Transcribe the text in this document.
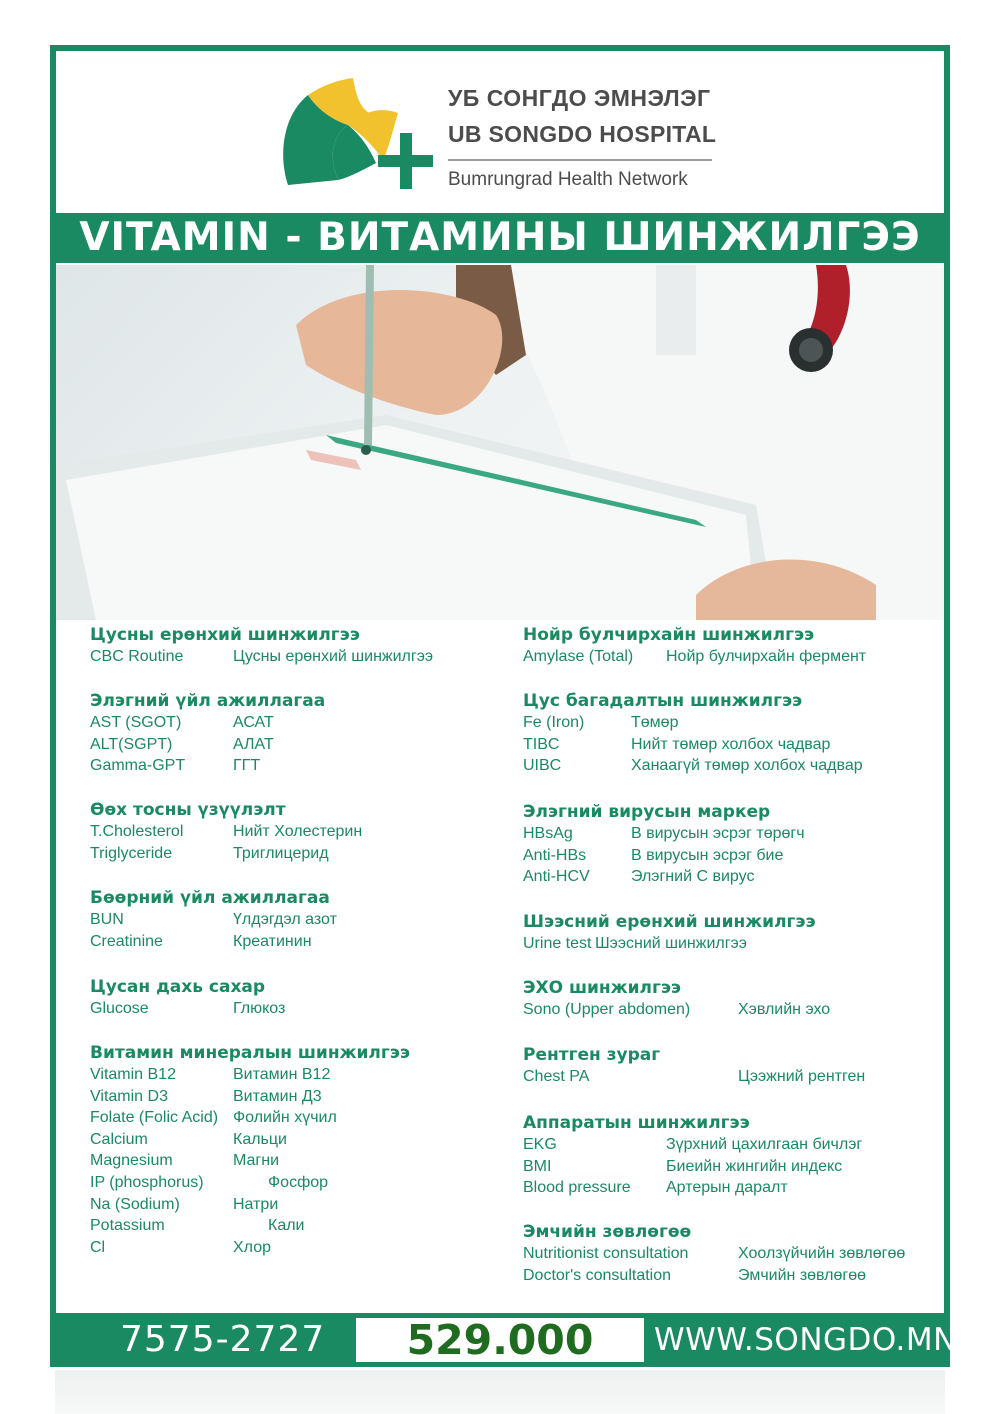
УБ СОНГДО ЭМНЭЛЭГ
UB SONGDO HOSPITAL
Bumrungrad Health Network
VITAMIN - ВИТАМИНЫ ШИНЖИЛГЭЭ
Цусны ерөнхий шинжилгээ
CBC Routine	Цусны ерөнхий шинжилгээ
Элэгний үйл ажиллагаа
AST (SGOT)	АСАТ
ALT(SGPT)	АЛАТ
Gamma-GPT	ГГТ
Өөх тосны үзүүлэлт
T.Cholesterol	Нийт Холестерин
Triglyceride	Триглицерид
Бөөрний үйл ажиллагаа
BUN	Үлдэгдэл азот
Creatinine	Креатинин
Цусан дахь сахар
Glucose	Глюкоз
Витамин минералын шинжилгээ
Vitamin B12	Витамин В12
Vitamin D3	Витамин Д3
Folate (Folic Acid) Фолийн хүчил
Calcium	Кальци
Magnesium	Магни
IP (phosphorus)	Фосфор
Na (Sodium)	Натри
Potassium	Кали
Cl	Хлор
Нойр булчирхайн шинжилгээ
Amylase (Total) Нойр булчирхайн фермент
Цус багадалтын шинжилгээ
Fe (Iron)	Төмөр
TIBC	Нийт төмөр холбох чадвар
UIBC	Ханаагүй төмөр холбох чадвар
Элэгний вирусын маркер
HBsAg	В вирусын эсрэг төрөгч
Anti-HBs	В вирусын эсрэг бие
Anti-HCV	Элэгний С вирус
Шээсний ерөнхий шинжилгээ
Urine test Шээсний шинжилгээ
ЭХО шинжилгээ
Sono (Upper abdomen)	Хэвлийн эхо
Рентген зураг
Chest PA	Цээжний рентген
Аппаратын шинжилгээ
EKG	Зүрхний цахилгаан бичлэг
BMI	Биеийн жингийн индекс
Blood pressure Артерын даралт
Эмчийн зөвлөгөө
Nutritionist consultation	Хоолзүйчийн зөвлөгөө
Doctor's consultation	Эмчийн зөвлөгөө
7575-2727	529.000	WWW.SONGDO.MN
